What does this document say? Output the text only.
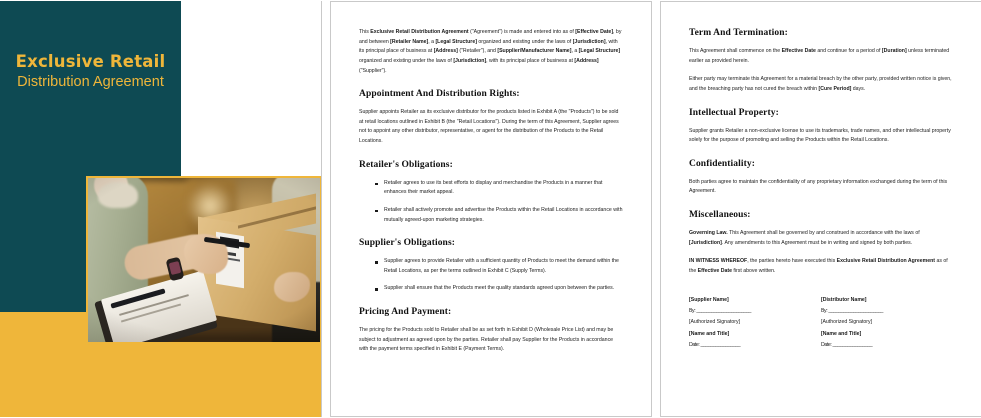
Exclusive Retail
Distribution Agreement

This Exclusive Retail Distribution Agreement ("Agreement") is made and entered into as of [Effective Date], by and between [Retailer Name], a [Legal Structure] organized and existing under the laws of [Jurisdiction], with its principal place of business at [Address] ("Retailer"), and [Supplier/Manufacturer Name], a [Legal Structure] organized and existing under the laws of [Jurisdiction], with its principal place of business at [Address] ("Supplier").

Appointment And Distribution Rights:

Supplier appoints Retailer as its exclusive distributor for the products listed in Exhibit A (the "Products") to be sold at retail locations outlined in Exhibit B (the "Retail Locations"). During the term of this Agreement, Supplier agrees not to appoint any other distributor, representative, or agent for the distribution of the Products to the Retail Locations.

Retailer's Obligations:
Retailer agrees to use its best efforts to display and merchandise the Products in a manner that enhances their market appeal.
Retailer shall actively promote and advertise the Products within the Retail Locations in accordance with mutually agreed-upon marketing strategies.
Supplier's Obligations:
Supplier agrees to provide Retailer with a sufficient quantity of Products to meet the demand within the Retail Locations, as per the terms outlined in Exhibit C (Supply Terms).
Supplier shall ensure that the Products meet the quality standards agreed upon between the parties.
Pricing And Payment:

The pricing for the Products sold to Retailer shall be as set forth in Exhibit D (Wholesale Price List) and may be subject to adjustment as agreed upon by the parties. Retailer shall pay Supplier for the Products in accordance with the payment terms specified in Exhibit E (Payment Terms).

Term And Termination:

This Agreement shall commence on the Effective Date and continue for a period of [Duration] unless terminated earlier as provided herein.

Either party may terminate this Agreement for a material breach by the other party, provided written notice is given, and the breaching party has not cured the breach within [Cure Period] days.

Intellectual Property:

Supplier grants Retailer a non-exclusive license to use its trademarks, trade names, and other intellectual property solely for the purpose of promoting and selling the Products within the Retail Locations.

Confidentiality:

Both parties agree to maintain the confidentiality of any proprietary information exchanged during the term of this Agreement.

Miscellaneous:

Governing Law. This Agreement shall be governed by and construed in accordance with the laws of [Jurisdiction]. Any amendments to this Agreement must be in writing and signed by both parties.

IN WITNESS WHEREOF, the parties hereto have executed this Exclusive Retail Distribution Agreement as of the Effective Date first above written.

[Supplier Name]
By: ______________________
[Authorized Signatory]
[Name and Title]
Date: ________________
[Distributor Name]
By: ______________________
[Authorized Signatory]
[Name and Title]
Date: ________________
